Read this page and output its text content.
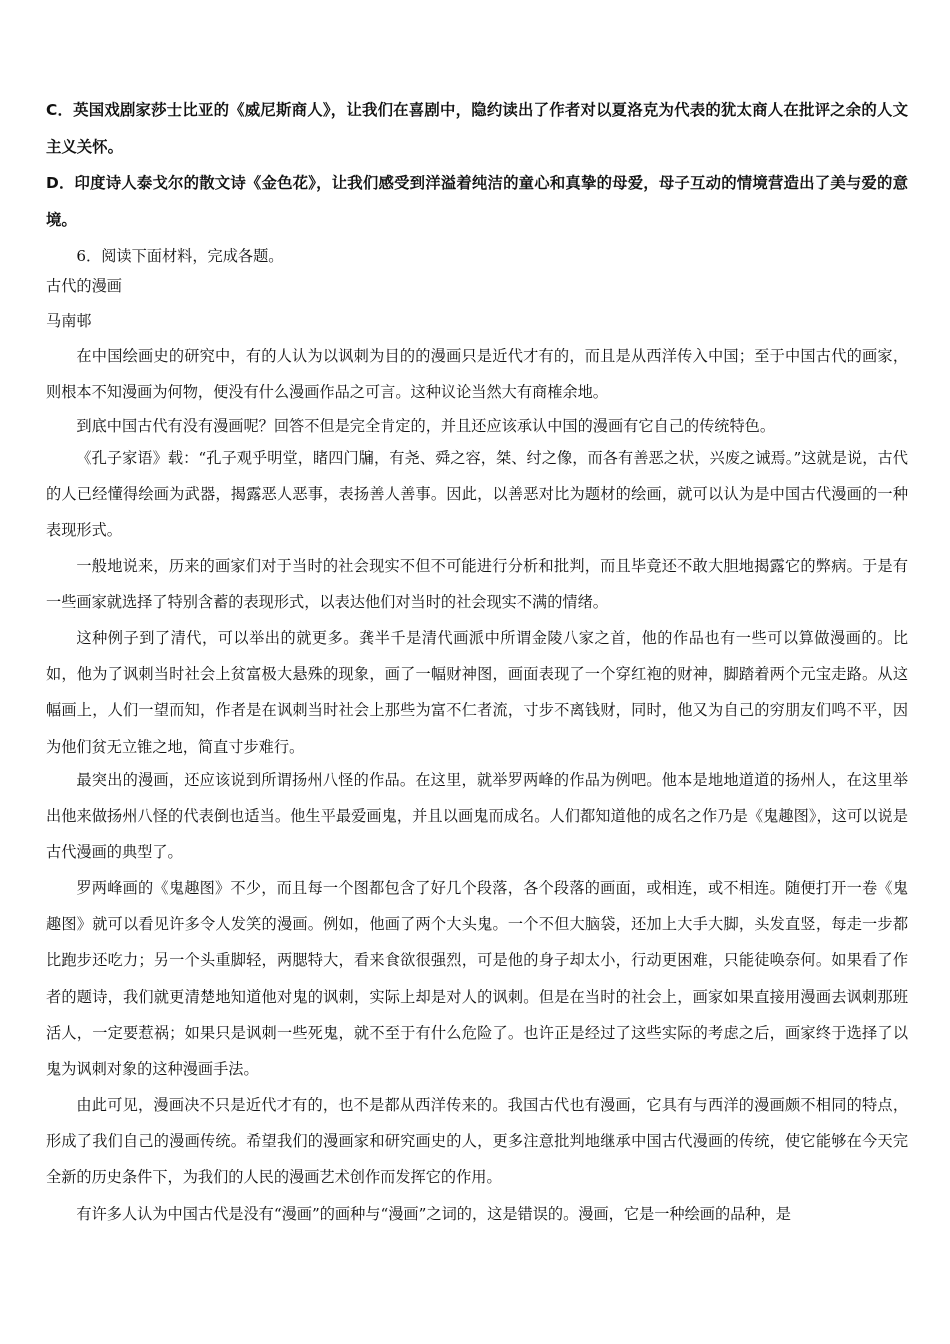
C．英国戏剧家莎士比亚的《威尼斯商人》，让我们在喜剧中，隐约读出了作者对以夏洛克为代表的犹太商人在批评之余的人文主义关怀。
D．印度诗人泰戈尔的散文诗《金色花》，让我们感受到洋溢着纯洁的童心和真挚的母爱，母子互动的情境营造出了美与爱的意境。
6．阅读下面材料，完成各题。
古代的漫画
马南邨
在中国绘画史的研究中，有的人认为以讽刺为目的的漫画只是近代才有的，而且是从西洋传入中国；至于中国古代的画家，则根本不知漫画为何物，便没有什么漫画作品之可言。这种议论当然大有商榷余地。
到底中国古代有没有漫画呢？回答不但是完全肯定的，并且还应该承认中国的漫画有它自己的传统特色。
《孔子家语》载：“孔子观乎明堂，睹四门牖，有尧、舜之容，桀、纣之像，而各有善恶之状，兴废之诫焉。”这就是说，古代的人已经懂得绘画为武器，揭露恶人恶事，表扬善人善事。因此，以善恶对比为题材的绘画，就可以认为是中国古代漫画的一种表现形式。
一般地说来，历来的画家们对于当时的社会现实不但不可能进行分析和批判，而且毕竟还不敢大胆地揭露它的弊病。于是有一些画家就选择了特别含蓄的表现形式，以表达他们对当时的社会现实不满的情绪。
这种例子到了清代，可以举出的就更多。龚半千是清代画派中所谓金陵八家之首，他的作品也有一些可以算做漫画的。比如，他为了讽刺当时社会上贫富极大悬殊的现象，画了一幅财神图，画面表现了一个穿红袍的财神，脚踏着两个元宝走路。从这幅画上，人们一望而知，作者是在讽刺当时社会上那些为富不仁者流，寸步不离钱财，同时，他又为自己的穷朋友们鸣不平，因为他们贫无立锥之地，简直寸步难行。
最突出的漫画，还应该说到所谓扬州八怪的作品。在这里，就举罗两峰的作品为例吧。他本是地地道道的扬州人，在这里举出他来做扬州八怪的代表倒也适当。他生平最爱画鬼，并且以画鬼而成名。人们都知道他的成名之作乃是《鬼趣图》，这可以说是古代漫画的典型了。
罗两峰画的《鬼趣图》不少，而且每一个图都包含了好几个段落，各个段落的画面，或相连，或不相连。随便打开一卷《鬼趣图》就可以看见许多令人发笑的漫画。例如，他画了两个大头鬼。一个不但大脑袋，还加上大手大脚，头发直竖，每走一步都比跑步还吃力；另一个头重脚轻，两腮特大，看来食欲很强烈，可是他的身子却太小，行动更困难，只能徒唤奈何。如果看了作者的题诗，我们就更清楚地知道他对鬼的讽刺，实际上却是对人的讽刺。但是在当时的社会上，画家如果直接用漫画去讽刺那班活人，一定要惹祸；如果只是讽刺一些死鬼，就不至于有什么危险了。也许正是经过了这些实际的考虑之后，画家终于选择了以鬼为讽刺对象的这种漫画手法。
由此可见，漫画决不只是近代才有的，也不是都从西洋传来的。我国古代也有漫画，它具有与西洋的漫画颇不相同的特点，形成了我们自己的漫画传统。希望我们的漫画家和研究画史的人，更多注意批判地继承中国古代漫画的传统，使它能够在今天完全新的历史条件下，为我们的人民的漫画艺术创作而发挥它的作用。
有许多人认为中国古代是没有“漫画”的画种与“漫画”之词的，这是错误的。漫画，它是一种绘画的品种，是
